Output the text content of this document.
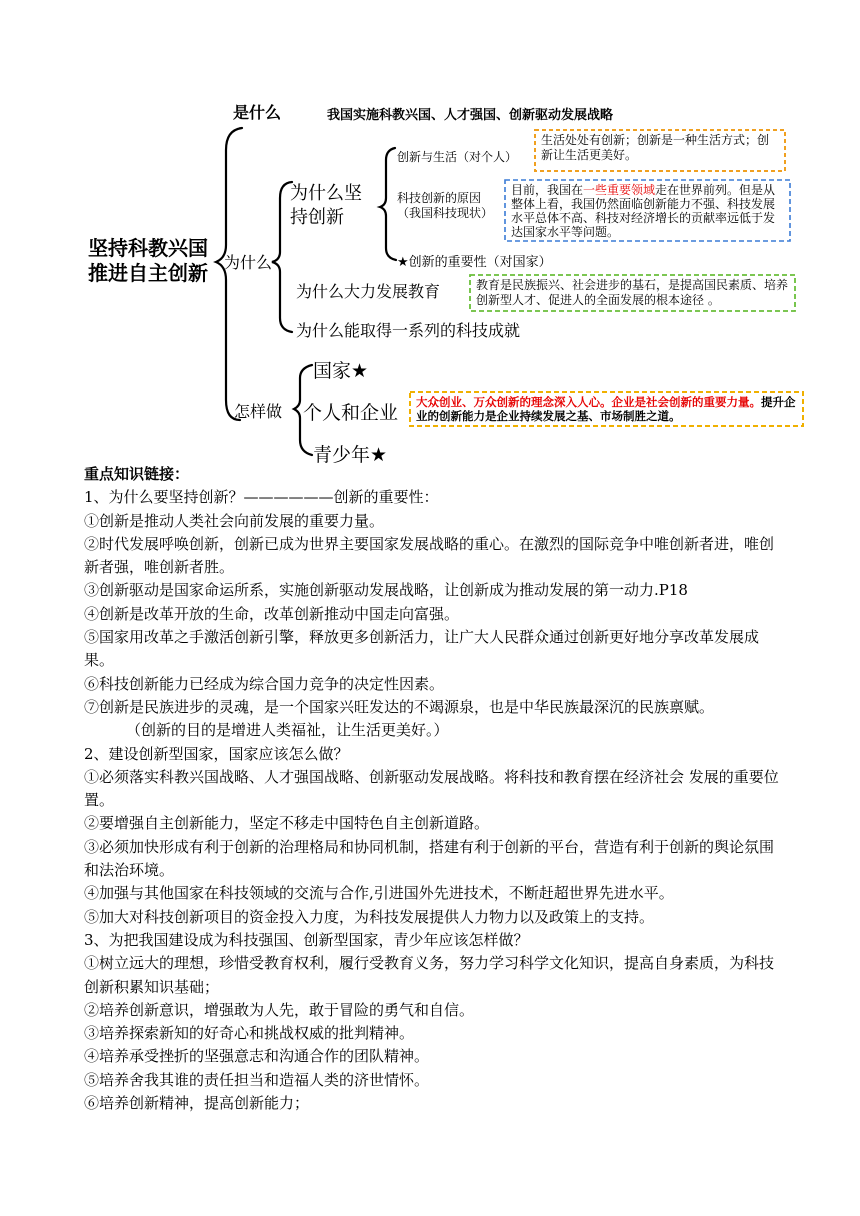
坚持科教兴国
推进自主创新
是什么	我国实施科教兴国、人才强国、创新驱动发展战略
为什么
为什么坚
持创新
创新与生活（对个人）
生活处处有创新；创新是一种生活方式；创新让生活更美好。
科技创新的原因
（我国科技现状）
目前，我国在一些重要领域走在世界前列。但是从整体上看，我国仍然面临创新能力不强、科技发展水平总体不高、科技对经济增长的贡献率远低于发达国家水平等问题。
★创新的重要性（对国家）
为什么大力发展教育	教育是民族振兴、社会进步的基石，是提高国民素质、培养创新型人才、促进人的全面发展的根本途径 。
为什么能取得一系列的科技成就
怎样做
国家★
个人和企业	大众创业、万众创新的理念深入人心。企业是社会创新的重要力量。提升企业的创新能力是企业持续发展之基、市场制胜之道。
青少年★

重点知识链接：

1、为什么要坚持创新？——————创新的重要性：

①创新是推动人类社会向前发展的重要力量。

②时代发展呼唤创新，创新已成为世界主要国家发展战略的重心。在激烈的国际竞争中唯创新者进，唯创新者强，唯创新者胜。

③创新驱动是国家命运所系，实施创新驱动发展战略，让创新成为推动发展的第一动力.P18

④创新是改革开放的生命，改革创新推动中国走向富强。

⑤国家用改革之手激活创新引擎，释放更多创新活力，让广大人民群众通过创新更好地分享改革发展成果。

⑥科技创新能力已经成为综合国力竞争的决定性因素。

⑦创新是民族进步的灵魂，是一个国家兴旺发达的不竭源泉，也是中华民族最深沉的民族禀赋。

（创新的目的是增进人类福祉，让生活更美好。）

2、建设创新型国家，国家应该怎么做？

①必须落实科教兴国战略、人才强国战略、创新驱动发展战略。将科技和教育摆在经济社会 发展的重要位置。

②要增强自主创新能力，坚定不移走中国特色自主创新道路。

③必须加快形成有利于创新的治理格局和协同机制，搭建有利于创新的平台，营造有利于创新的舆论氛围和法治环境。

④加强与其他国家在科技领域的交流与合作,引进国外先进技术，不断赶超世界先进水平。

⑤加大对科技创新项目的资金投入力度，为科技发展提供人力物力以及政策上的支持。

3、为把我国建设成为科技强国、创新型国家，青少年应该怎样做？

①树立远大的理想，珍惜受教育权利，履行受教育义务，努力学习科学文化知识，提高自身素质，为科技创新积累知识基础；

②培养创新意识，增强敢为人先，敢于冒险的勇气和自信。

③培养探索新知的好奇心和挑战权威的批判精神。

④培养承受挫折的坚强意志和沟通合作的团队精神。

⑤培养舍我其谁的责任担当和造福人类的济世情怀。

⑥培养创新精神，提高创新能力；
